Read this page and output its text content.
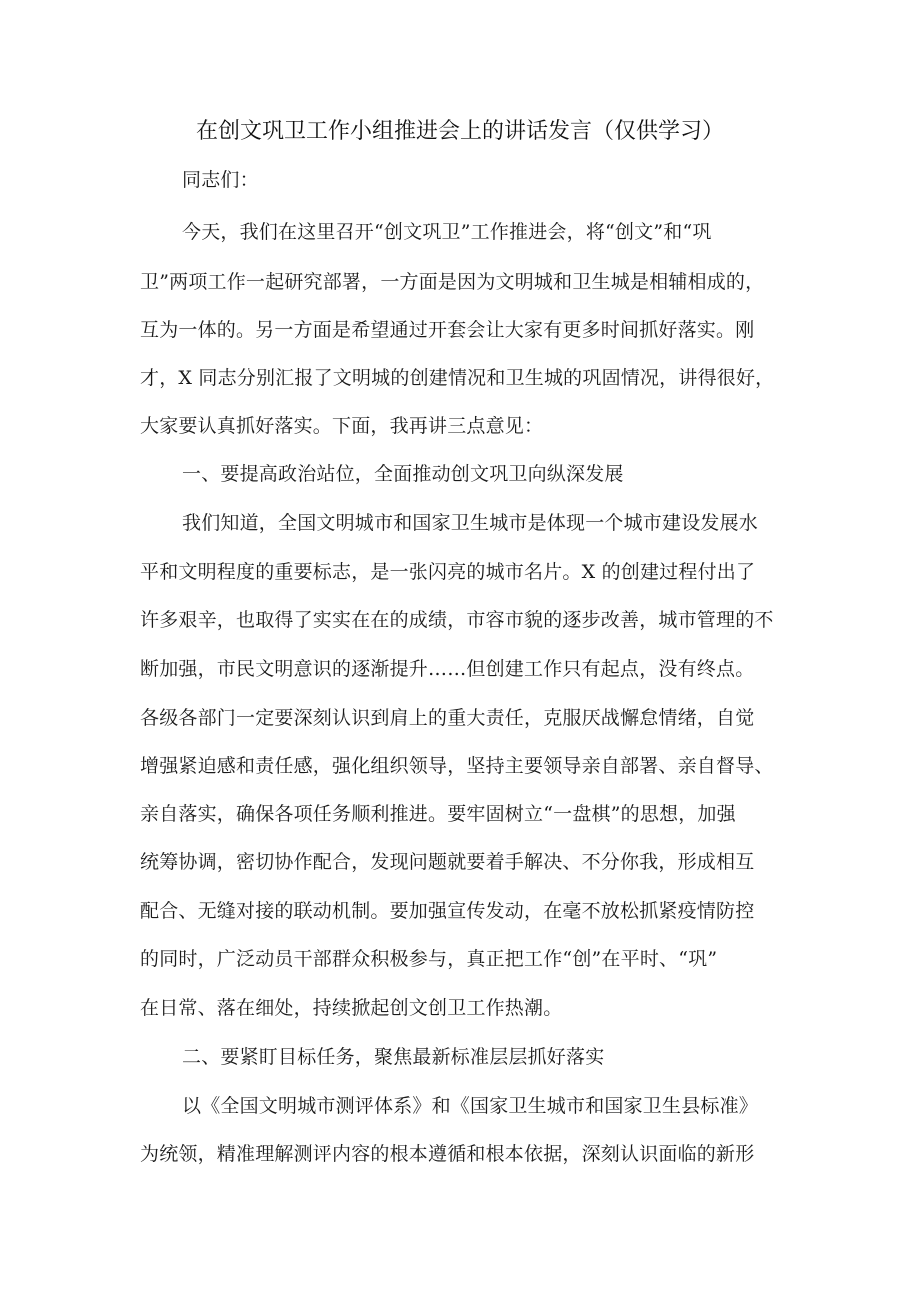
在创文巩卫工作小组推进会上的讲话发言（仅供学习）
同志们：
今天，我们在这里召开“创文巩卫”工作推进会，将“创文”和“巩
卫”两项工作一起研究部署，一方面是因为文明城和卫生城是相辅相成的，
互为一体的。另一方面是希望通过开套会让大家有更多时间抓好落实。刚
才，X 同志分别汇报了文明城的创建情况和卫生城的巩固情况，讲得很好，
大家要认真抓好落实。下面，我再讲三点意见：
一、要提高政治站位，全面推动创文巩卫向纵深发展
我们知道，全国文明城市和国家卫生城市是体现一个城市建设发展水
平和文明程度的重要标志，是一张闪亮的城市名片。X 的创建过程付出了
许多艰辛，也取得了实实在在的成绩，市容市貌的逐步改善，城市管理的不
断加强，市民文明意识的逐渐提升……但创建工作只有起点，没有终点。
各级各部门一定要深刻认识到肩上的重大责任，克服厌战懈怠情绪，自觉
增强紧迫感和责任感，强化组织领导，坚持主要领导亲自部署、亲自督导、
亲自落实，确保各项任务顺利推进。要牢固树立“一盘棋”的思想，加强
统筹协调，密切协作配合，发现问题就要着手解决、不分你我，形成相互
配合、无缝对接的联动机制。要加强宣传发动，在毫不放松抓紧疫情防控
的同时，广泛动员干部群众积极参与，真正把工作“创”在平时、“巩”
在日常、落在细处，持续掀起创文创卫工作热潮。
二、要紧盯目标任务，聚焦最新标准层层抓好落实
以《全国文明城市测评体系》和《国家卫生城市和国家卫生县标准》
为统领，精准理解测评内容的根本遵循和根本依据，深刻认识面临的新形
